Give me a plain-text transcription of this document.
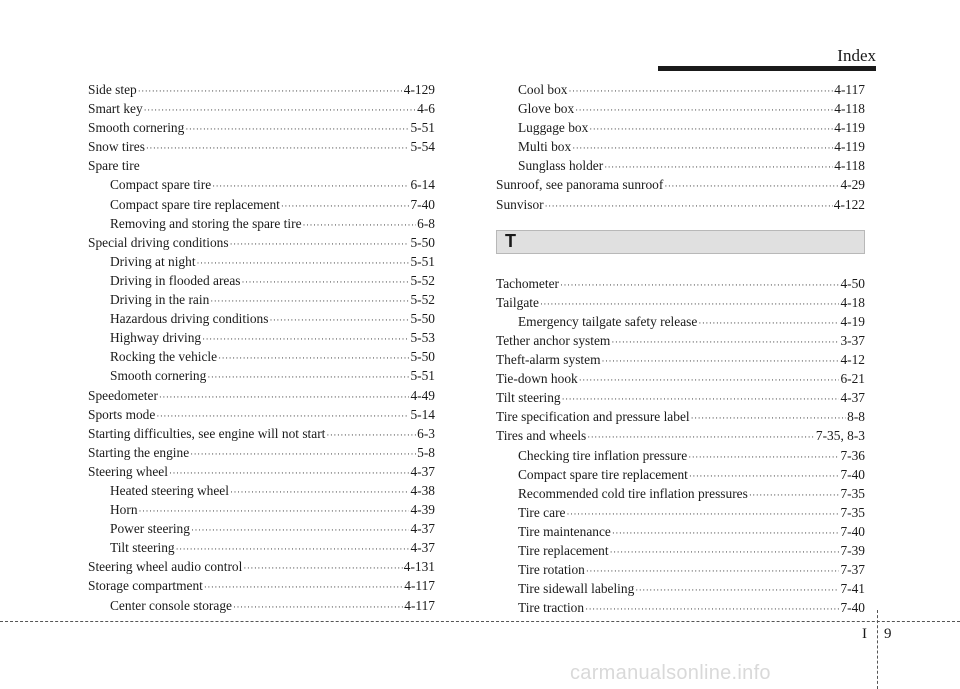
Index
Side step ·····	4-129
Smart key ·····	4-6
Smooth cornering ·····	5-51
Snow tires ·····	5-54
Spare tire
Compact spare tire ·····	6-14
Compact spare tire replacement ·····	7-40
Removing and storing the spare tire ·····	6-8
Special driving conditions ·····	5-50
Driving at night ·····	5-51
Driving in flooded areas ·····	5-52
Driving in the rain ·····	5-52
Hazardous driving conditions ·····	5-50
Highway driving ·····	5-53
Rocking the vehicle ·····	5-50
Smooth cornering ·····	5-51
Speedometer ·····	4-49
Sports mode ·····	5-14
Starting difficulties, see engine will not start ·····	6-3
Starting the engine ·····	5-8
Steering wheel ·····	4-37
Heated steering wheel ·····	4-38
Horn ·····	4-39
Power steering ·····	4-37
Tilt steering ·····	4-37
Steering wheel audio control ·····	4-131
Storage compartment ·····	4-117
Center console storage ·····	4-117
Cool box ·····	4-117
Glove box ·····	4-118
Luggage box ·····	4-119
Multi box ·····	4-119
Sunglass holder ·····	4-118
Sunroof, see panorama sunroof ·····	4-29
Sunvisor ·····	4-122
T
Tachometer ·····	4-50
Tailgate ·····	4-18
Emergency tailgate safety release ·····	4-19
Tether anchor system ·····	3-37
Theft-alarm system ·····	4-12
Tie-down hook ·····	6-21
Tilt steering ·····	4-37
Tire specification and pressure label ·····	8-8
Tires and wheels ·····	7-35, 8-3
Checking tire inflation pressure ·····	7-36
Compact spare tire replacement ·····	7-40
Recommended cold tire inflation pressures ·····	7-35
Tire care ·····	7-35
Tire maintenance ·····	7-40
Tire replacement ·····	7-39
Tire rotation ·····	7-37
Tire sidewall labeling ·····	7-41
Tire traction ·····	7-40
I 9
carmanualsonline.info
